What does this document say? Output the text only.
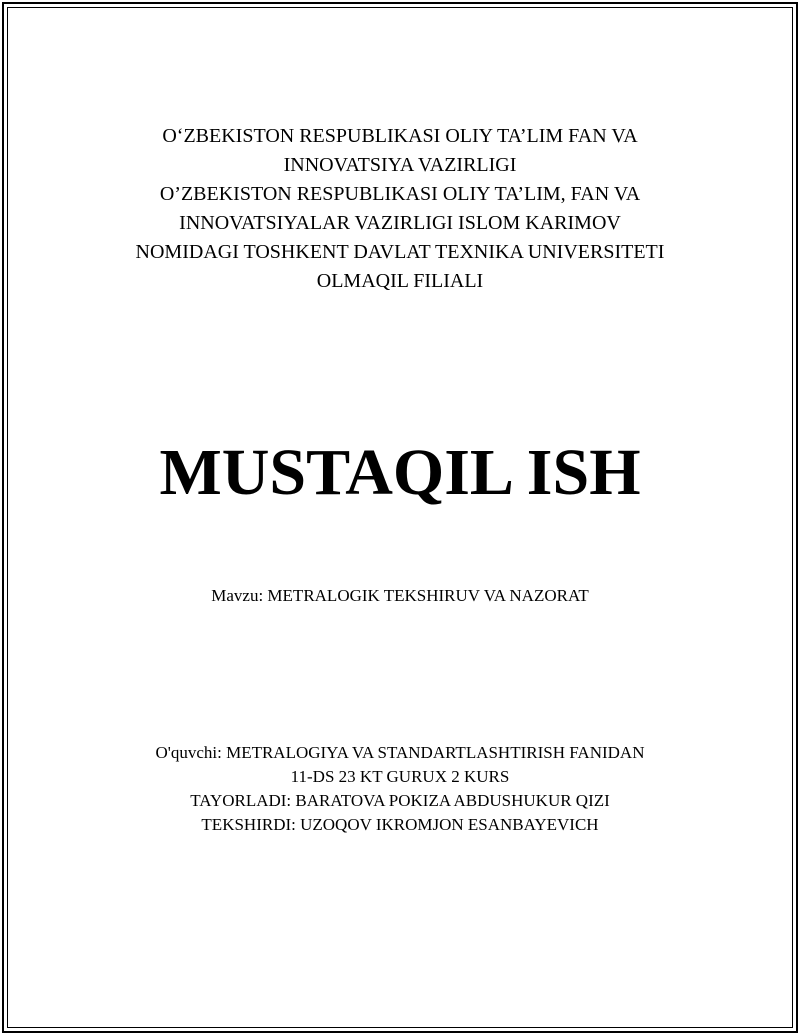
O‘ZBEKISTON RESPUBLIKASI OLIY TA’LIM FAN VA
INNOVATSIYA VAZIRLIGI
O’ZBEKISTON RESPUBLIKASI OLIY TA’LIM, FAN VA
INNOVATSIYALAR VAZIRLIGI ISLOM KARIMOV
NOMIDAGI TOSHKENT DAVLAT TEXNIKA UNIVERSITETI
OLMAQIL FILIALI
MUSTAQIL ISH
Mavzu: METRALOGIK TEKSHIRUV VA NAZORAT
O'quvchi: METRALOGIYA VA STANDARTLASHTIRISH FANIDAN
11-DS 23 KT GURUX 2 KURS
TAYORLADI: BARATOVA POKIZA ABDUSHUKUR QIZI
TEKSHIRDI: UZOQOV IKROMJON ESANBAYEVICH
